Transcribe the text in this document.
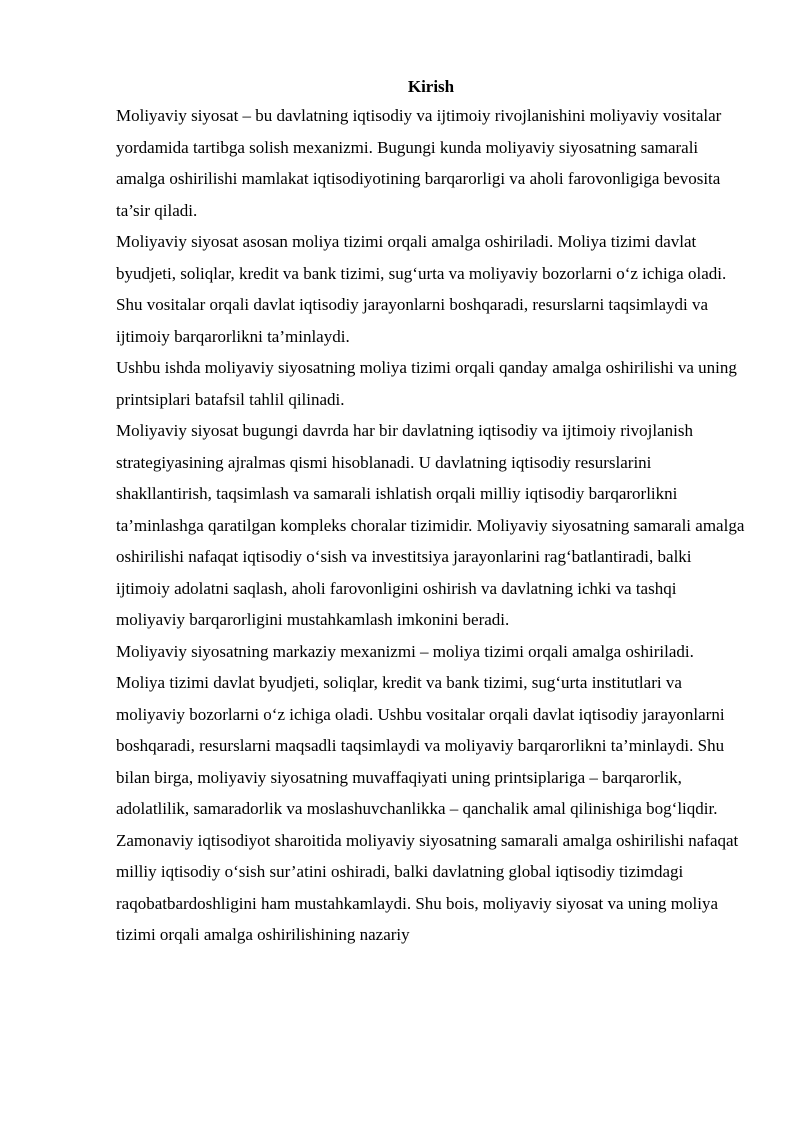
Kirish

Moliyaviy siyosat – bu davlatning iqtisodiy va ijtimoiy rivojlanishini moliyaviy vositalar yordamida tartibga solish mexanizmi. Bugungi kunda moliyaviy siyosatning samarali amalga oshirilishi mamlakat iqtisodiyotining barqarorligi va aholi farovonligiga bevosita ta’sir qiladi.

Moliyaviy siyosat asosan moliya tizimi orqali amalga oshiriladi. Moliya tizimi davlat byudjeti, soliqlar, kredit va bank tizimi, sug‘urta va moliyaviy bozorlarni o‘z ichiga oladi. Shu vositalar orqali davlat iqtisodiy jarayonlarni boshqaradi, resurslarni taqsimlaydi va ijtimoiy barqarorlikni ta’minlaydi.

Ushbu ishda moliyaviy siyosatning moliya tizimi orqali qanday amalga oshirilishi va uning printsiplari batafsil tahlil qilinadi.

Moliyaviy siyosat bugungi davrda har bir davlatning iqtisodiy va ijtimoiy rivojlanish strategiyasining ajralmas qismi hisoblanadi. U davlatning iqtisodiy resurslarini shakllantirish, taqsimlash va samarali ishlatish orqali milliy iqtisodiy barqarorlikni ta’minlashga qaratilgan kompleks choralar tizimidir. Moliyaviy siyosatning samarali amalga oshirilishi nafaqat iqtisodiy o‘sish va investitsiya jarayonlarini rag‘batlantiradi, balki ijtimoiy adolatni saqlash, aholi farovonligini oshirish va davlatning ichki va tashqi moliyaviy barqarorligini mustahkamlash imkonini beradi.

Moliyaviy siyosatning markaziy mexanizmi – moliya tizimi orqali amalga oshiriladi. Moliya tizimi davlat byudjeti, soliqlar, kredit va bank tizimi, sug‘urta institutlari va moliyaviy bozorlarni o‘z ichiga oladi. Ushbu vositalar orqali davlat iqtisodiy jarayonlarni boshqaradi, resurslarni maqsadli taqsimlaydi va moliyaviy barqarorlikni ta’minlaydi. Shu bilan birga, moliyaviy siyosatning muvaffaqiyati uning printsiplariga – barqarorlik, adolatlilik, samaradorlik va moslashuvchanlikka – qanchalik amal qilinishiga bog‘liqdir.

Zamonaviy iqtisodiyot sharoitida moliyaviy siyosatning samarali amalga oshirilishi nafaqat milliy iqtisodiy o‘sish sur’atini oshiradi, balki davlatning global iqtisodiy tizimdagi raqobatbardoshligini ham mustahkamlaydi. Shu bois, moliyaviy siyosat va uning moliya tizimi orqali amalga oshirilishining nazariy
